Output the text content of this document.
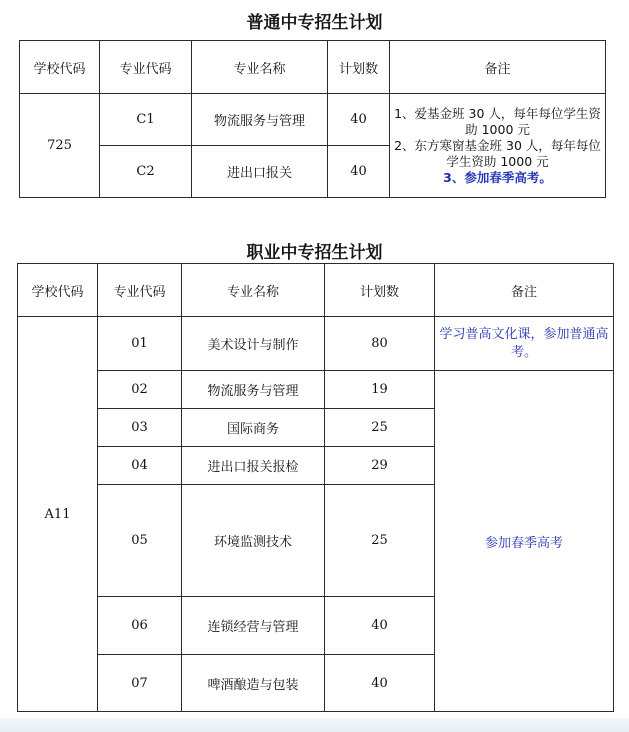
普通中专招生计划
学校代码	专业代码	专业名称	计划数	备注
725	C1	物流服务与管理	40	1、爱基金班 30 人，每年每位学生资助 1000 元
2、东方寒窗基金班 30 人，每年每位学生资助 1000 元
3、参加春季高考。

	C2	进出口报关	40	
职业中专招生计划
学校代码	专业代码	专业名称	计划数	备注
A11	01	美术设计与制作	80	学习普高文化课，参加普通高考。
	02	物流服务与管理	19	参加春季高考
	03	国际商务	25	
	04	进出口报关报检	29	
	05	环境监测技术	25	
	06	连锁经营与管理	40	
	07	啤酒酿造与包装	40	
